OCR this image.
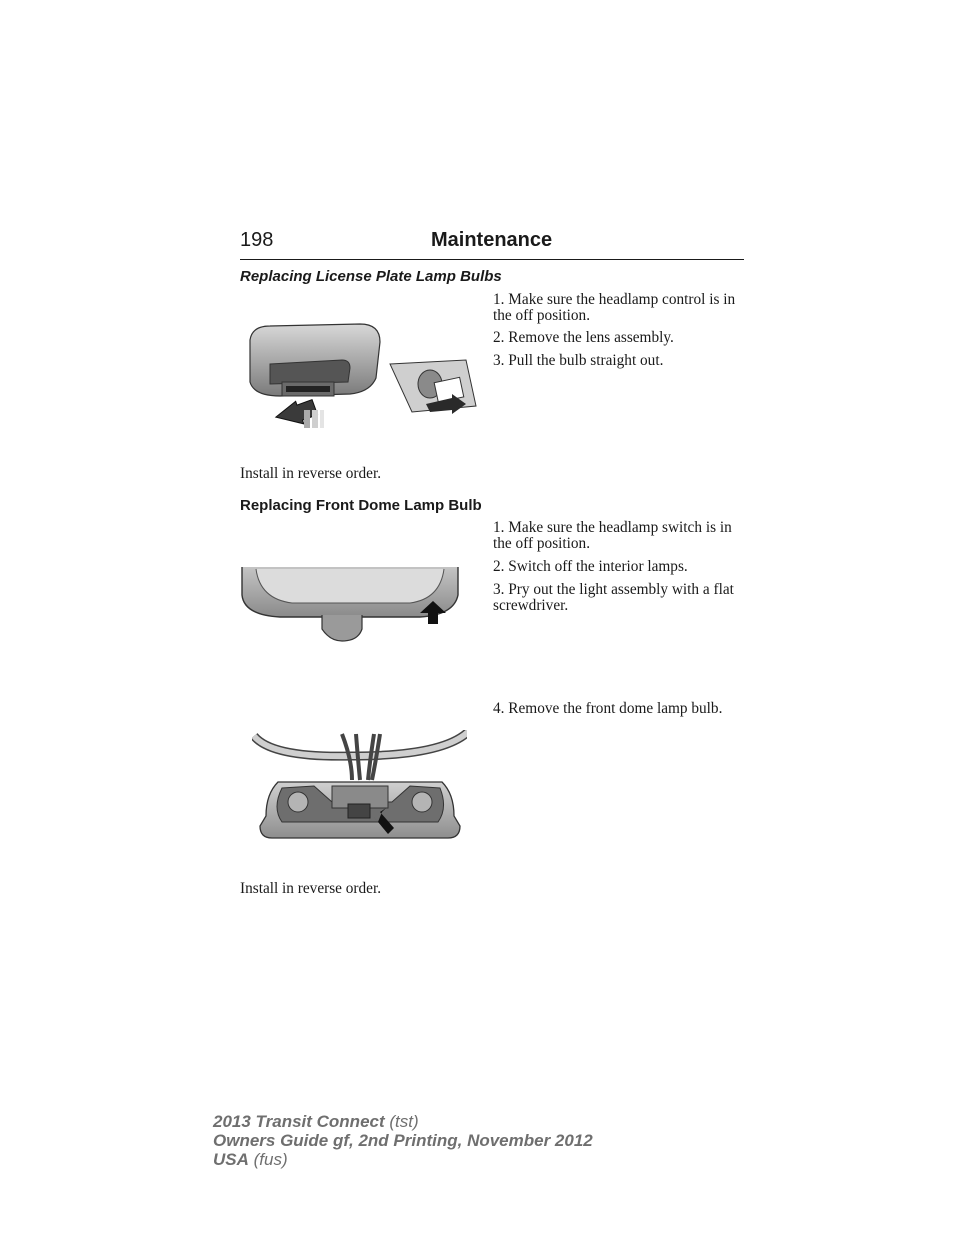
198	Maintenance
Replacing License Plate Lamp Bulbs
1. Make sure the headlamp control is in the off position.
2. Remove the lens assembly.
3. Pull the bulb straight out.
Install in reverse order.
Replacing Front Dome Lamp Bulb
1. Make sure the headlamp switch is in the off position.
2. Switch off the interior lamps.
3. Pry out the light assembly with a flat screwdriver.
4. Remove the front dome lamp bulb.
Install in reverse order.
2013 Transit Connect (tst)
Owners Guide gf, 2nd Printing, November 2012
USA (fus)
